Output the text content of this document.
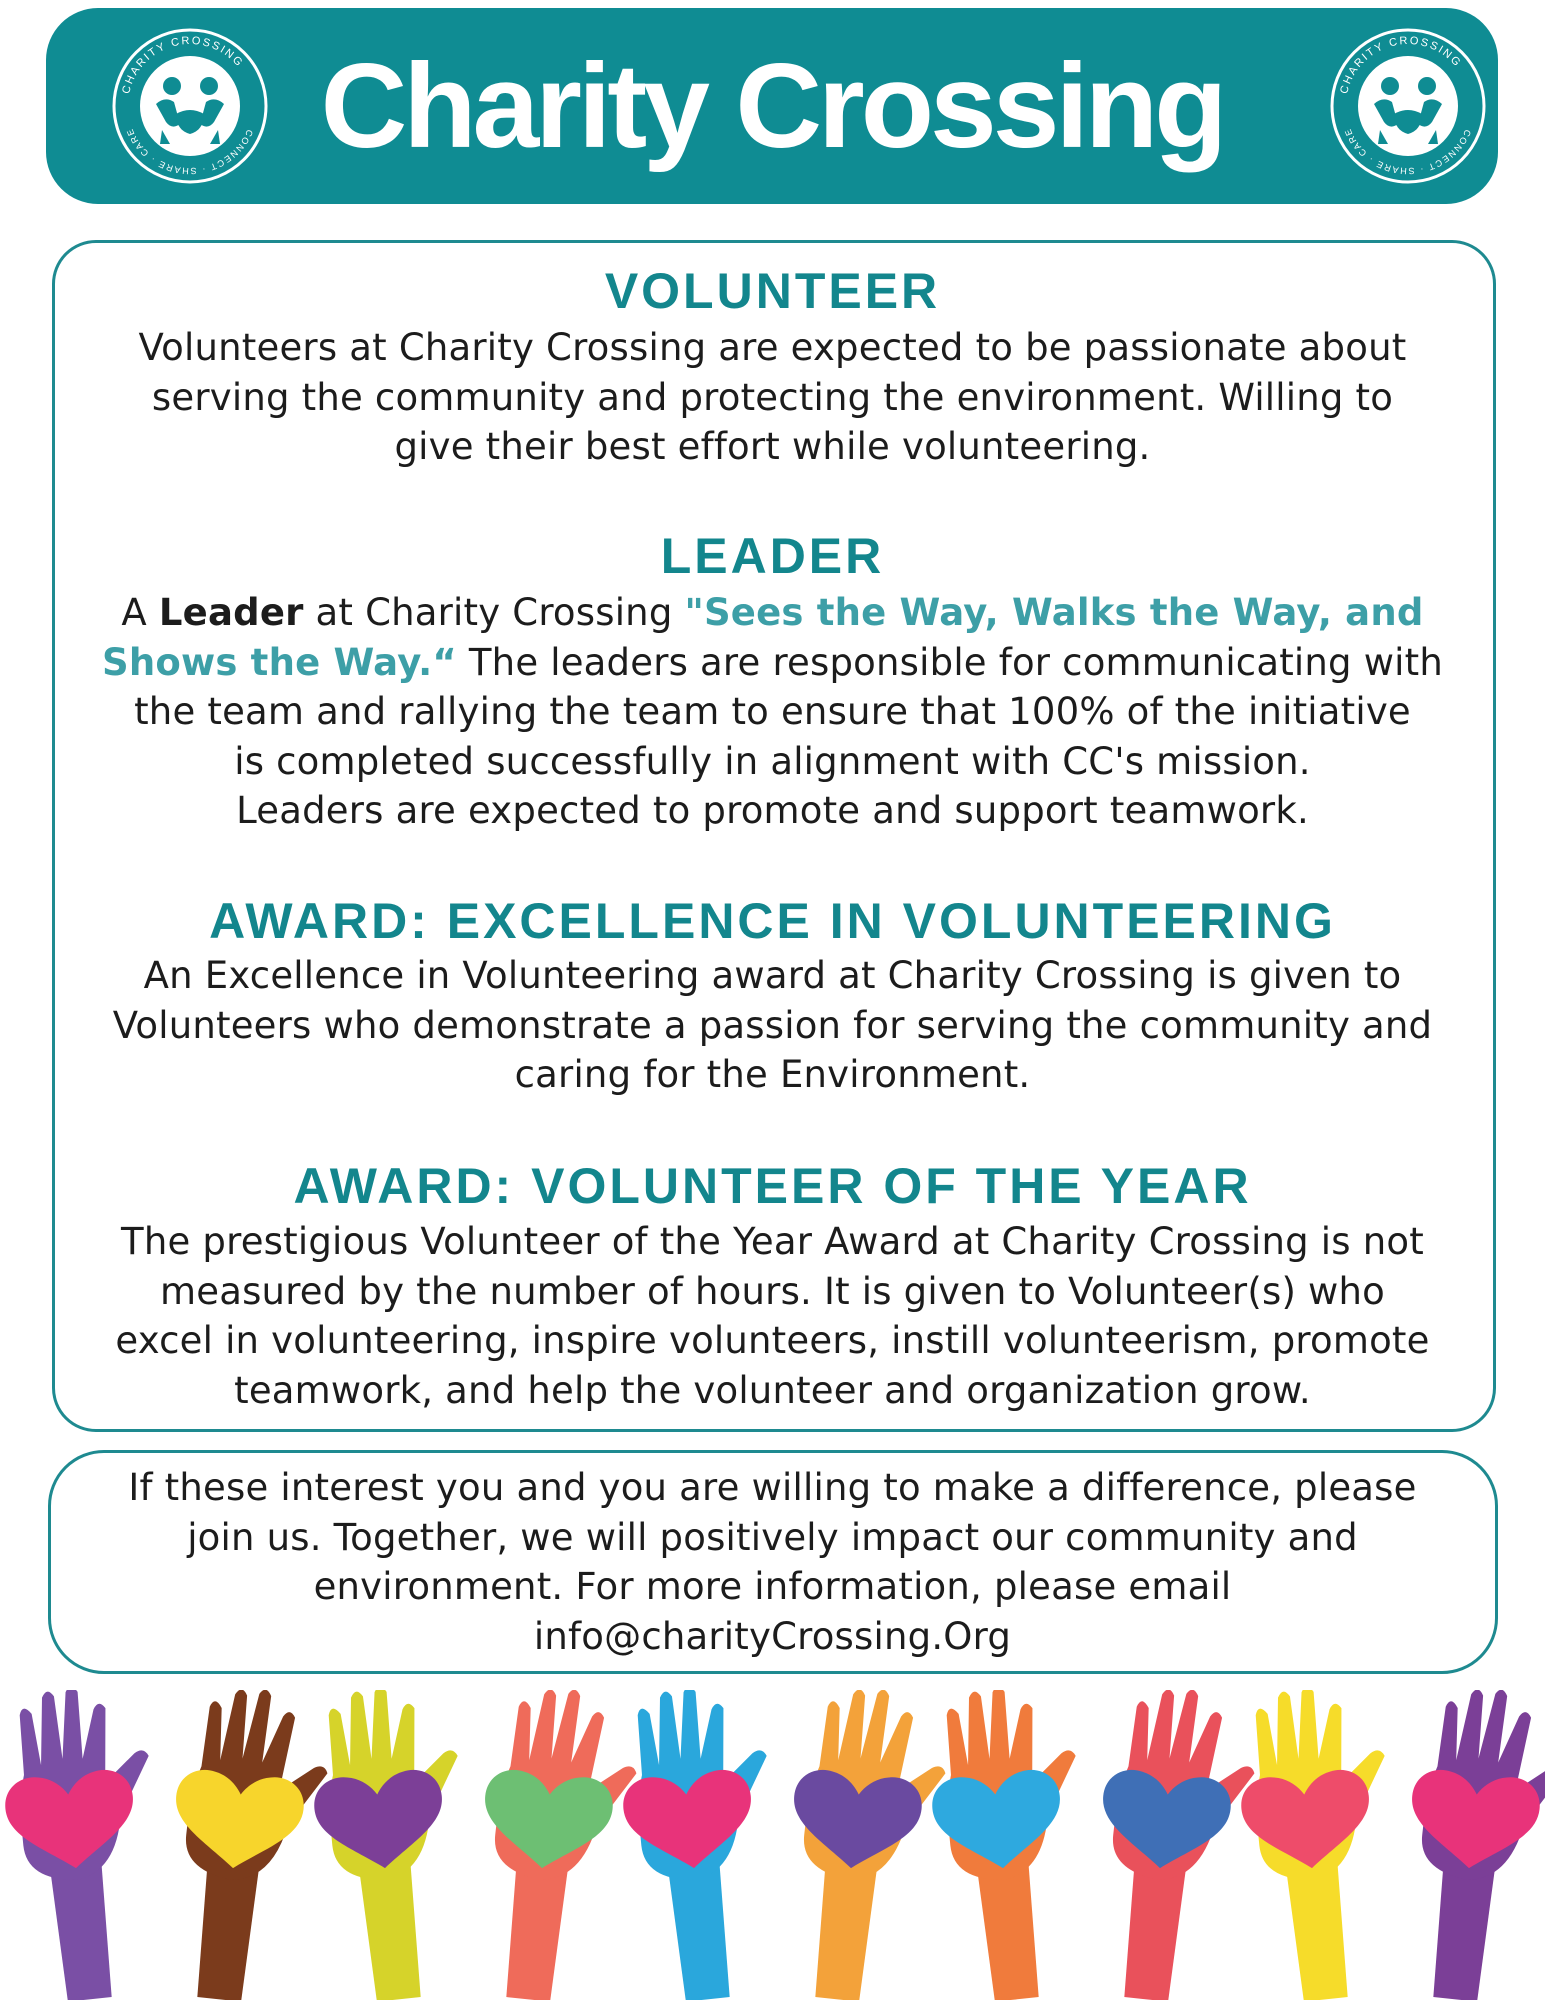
CHARITY CROSSING
CONNECT · SHARE · CARE	Charity Crossing	CHARITY CROSSING
CONNECT · SHARE · CARE
VOLUNTEER

Volunteers at Charity Crossing are expected to be passionate about

serving the community and protecting the environment. Willing to

give their best effort while volunteering.

LEADER

A Leader at Charity Crossing "Sees the Way, Walks the Way, and

Shows the Way.“ The leaders are responsible for communicating with

the team and rallying the team to ensure that 100% of the initiative

is completed successfully in alignment with CC's mission.

Leaders are expected to promote and support teamwork.

AWARD: EXCELLENCE IN VOLUNTEERING

An Excellence in Volunteering award at Charity Crossing is given to

Volunteers who demonstrate a passion for serving the community and

caring for the Environment.

AWARD: VOLUNTEER OF THE YEAR

The prestigious Volunteer of the Year Award at Charity Crossing is not

measured by the number of hours. It is given to Volunteer(s) who

excel in volunteering, inspire volunteers, instill volunteerism, promote

teamwork, and help the volunteer and organization grow.

If these interest you and you are willing to make a difference, please

join us. Together, we will positively impact our community and

environment. For more information, please email

info@charityCrossing.Org
